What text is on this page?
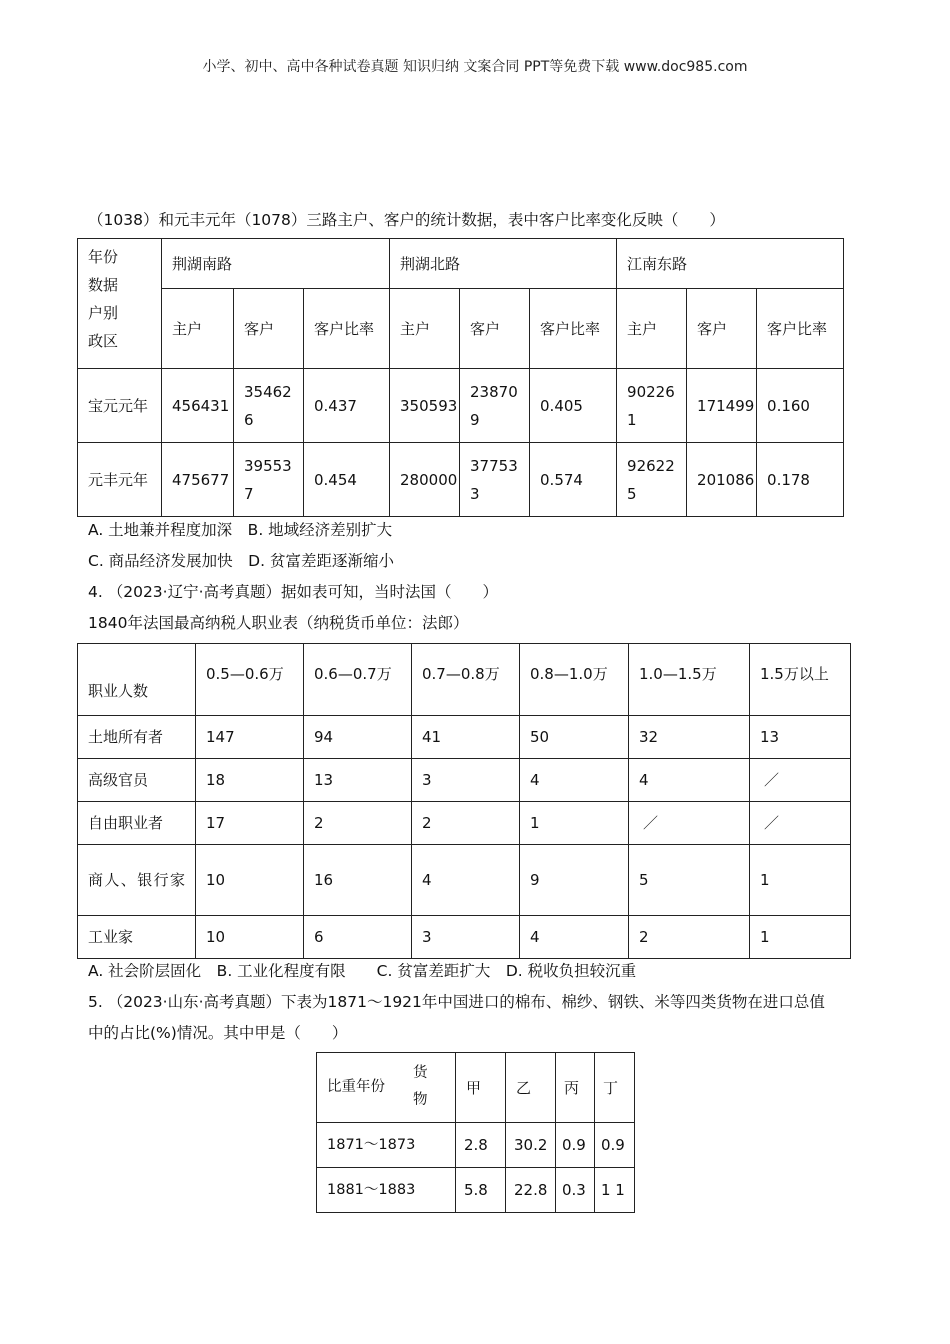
小学、初中、高中各种试卷真题 知识归纳 文案合同 PPT等免费下载 www.doc985.com
（1038）和元丰元年（1078）三路主户、客户的统计数据，表中客户比率变化反映（　　）
年份
数据
户别
政区	荆湖南路			荆湖北路			江南东路		
	主户	客户	客户比率	主户	客户	客户比率	主户	客户	客户比率
宝元元年	456431	354626	0.437	350593	238709	0.405	902261	171499	0.160
元丰元年	475677	395537	0.454	280000	377533	0.574	926225	201086	0.178
A. 土地兼并程度加深　B. 地域经济差别扩大
C. 商品经济发展加快　D. 贫富差距逐渐缩小
4. （2023·辽宁·高考真题）据如表可知，当时法国（　　）
1840年法国最高纳税人职业表（纳税货币单位：法郎）
职业人数	0.5—0.6万	0.6—0.7万	0.7—0.8万	0.8—1.0万	1.0—1.5万	1.5万以上
土地所有者	147	94	41	50	32	13
高级官员	18	13	3	4	4	／
自由职业者	17	2	2	1	／	／
商人、银行家	10	16	4	9	5	1
工业家	10	6	3	4	2	1
A. 社会阶层固化　B. 工业化程度有限　　C. 贫富差距扩大　D. 税收负担较沉重
5. （2023·山东·高考真题）下表为1871～1921年中国进口的棉布、棉纱、钢铁、米等四类货物在进口总值
中的占比(%)情况。其中甲是（　　）
比重年份
货
物	甲	乙	丙	丁
1871～1873	2.8	30.2	0.9	0.9
1881～1883	5.8	22.8	0.3	1 1
